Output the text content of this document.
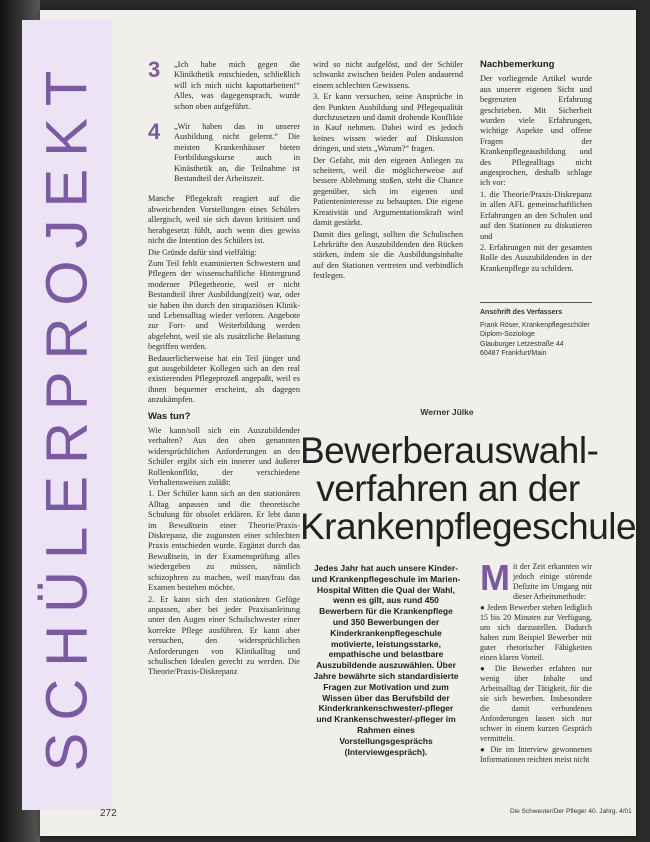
SCHÜLERPROJEKT 3	„Ich habe mich gegen die Klinikthetik entschieden, schließlich will ich mich nicht kaputtarbeiten!“ Alles, was dagegensprach, wurde schon oben aufgeführt.

4	„Wir haben das in unserer Ausbildung nicht gelernt.“ Die meisten Krankenhäuser bieten Fortbildungskurse auch in Kinästhetik an, die Teilnahme ist Bestandteil der Arbeitszeit.

Manche Pflegekraft reagiert auf die abweichenden Vorstellungen eines Schülers allergisch, weil sie sich davon kritisiert und herabgesetzt fühlt, auch wenn dies gewiss nicht die Intention des Schülers ist.

Die Gründe dafür sind vielfältig:

Zum Teil fehlt examinierten Schwestern und Pflegern der wissenschaftliche Hintergrund moderner Pflegetheorie, weil er nicht Bestandteil ihrer Ausbildung(zeit) war, oder sie haben ihn durch den strapaziösen Klinik- und Lebensalltag wieder verloren. Angebote zur Fort- und Weiterbildung werden abgelehnt, weil sie als zusätzliche Belastung begriffen werden.

Bedauerlicherweise hat ein Teil jünger und gut ausgebildeter Kollegen sich an den real existierenden Pflegeprozeß angepaßt, weil es ihnen bequemer erscheint, als dagegen anzukämpfen.

Was tun?

Wie kann/soll sich ein Auszubildender verhalten? Aus den oben genannten widersprüchlichen Anforderungen an den Schüler ergibt sich ein innerer und äußerer Rollenkonflikt, der verschiedene Verhaltensweisen zuläßt:

1. Der Schüler kann sich an den stationären Alltag anpassen und die theoretische Schulung für obsolet erklären. Er lebt dann im Bewußtsein einer Theorie/Praxis-Diskrepanz, die zugunsten einer schlechten Praxis entschieden wurde. Ergänzt durch das Bewußtsein, in der Examensprüfung alles wiedergeben zu müssen, nämlich schizophren zu machen, weil man/frau das Examen bestehen möchte.

2. Er kann sich den stationären Gefüge anpassen, aber bei jeder Praxisanleitung unter den Augen einer Schulschwester einer korrekte Pflege ausführen. Er kann aber versuchen, den widersprüchlichen Anforderungen von Klinikalltag und schulischen Idealen gerecht zu werden. Die Theorie/Praxis-Diskrepanz

wird so nicht aufgelöst, und der Schüler schwankt zwischen beiden Polen andauernd einem schlechten Gewissens.

3. Er kann versuchen, seine Ansprüche in den Punkten Ausbildung und Pflegequalität durchzusetzen und damit drohende Konflikte in Kauf nehmen. Dabei wird es jedoch keines wissen wieder auf Diskussion dringen, und stets „Warum?“ fragen.

Der Gefahr, mit den eigenen Anliegen zu scheitern, weil die möglicherweise auf bessere Ablehnung stoßen, steht die Chance gegenüber, sich im eigenen und Patienteninteresse zu behaupten. Die eigene Kreativität und Argumentationskraft wird damit gestärkt.

Damit dies gelingt, sollten die Schulischen Lehrkräfte den Auszubildenden den Rücken stärken, indem sie die Ausbildungsinhalte auf den Stationen vertreten und verbindlich festlegen.

Nachbemerkung

Der vorliegende Artikel wurde aus unserer eigenen Sicht und begrenzten Erfahrung geschrieben. Mit Sicherheit wurden viele Erfahrungen, wichtige Aspekte und offene Fragen der Krankenpflegeausbildung und des Pflegealltags nicht angesprochen, deshalb schlage ich vor:

1. die Theorie/Praxis-Diskrepanz in allen AFL gemeinschaftlichen Erfahrungen an den Schulen und auf den Stationen zu diskutieren und

2. Erfahrungen mit der gesamten Rolle des Auszubildenden in der Krankenpflege zu schildern.

Anschrift des Verfassers
Frank Röser, Krankenpflegeschüler
Diplom-Soziologe
Glauburger Letzestraße 44
60487 Frankfurt/Main
Werner Jülke
Bewerberauswahl-
verfahren an der
Krankenpflegeschule
Jedes Jahr hat auch unsere Kinder- und Krankenpflegeschule im Marien-Hospital Witten die Qual der Wahl, wenn es gilt, aus rund 450 Bewerbern für die Krankenpflege und 350 Bewerbungen der Kinderkrankenpflegeschule motivierte, leistungsstarke, empathische und belastbare Auszubildende auszuwählen. Über Jahre bewährte sich standardisierte Fragen zur Motivation und zum Wissen über das Berufsbild der Kinderkrankenschwester/-pfleger und Krankenschwester/-pfleger im Rahmen eines Vorstellungsgesprächs (Interviewgespräch).

Mit der Zeit erkannten wir jedoch einige störende Defizite im Umgang mit dieser Arbeitsmethode:

● Jedem Bewerber stehen lediglich 15 bis 20 Minuten zur Verfügung, um sich darzustellen. Dadurch haben zum Beispiel Bewerber mit guter rhetorischer Fähigkeiten einen klaren Vorteil.

● Die Bewerber erfahren nur wenig über Inhalte und Arbeitsalltag der Tätigkeit, für die sie sich bewerben. Insbesondere die damit verbundenen Anforderungen lassen sich nur schwer in einem kurzen Gespräch vermitteln.

● Die im Interview gewonnenen Informationen reichten meist nicht

272	Die Schwester/Der Pfleger 40. Jahrg. 4/01
